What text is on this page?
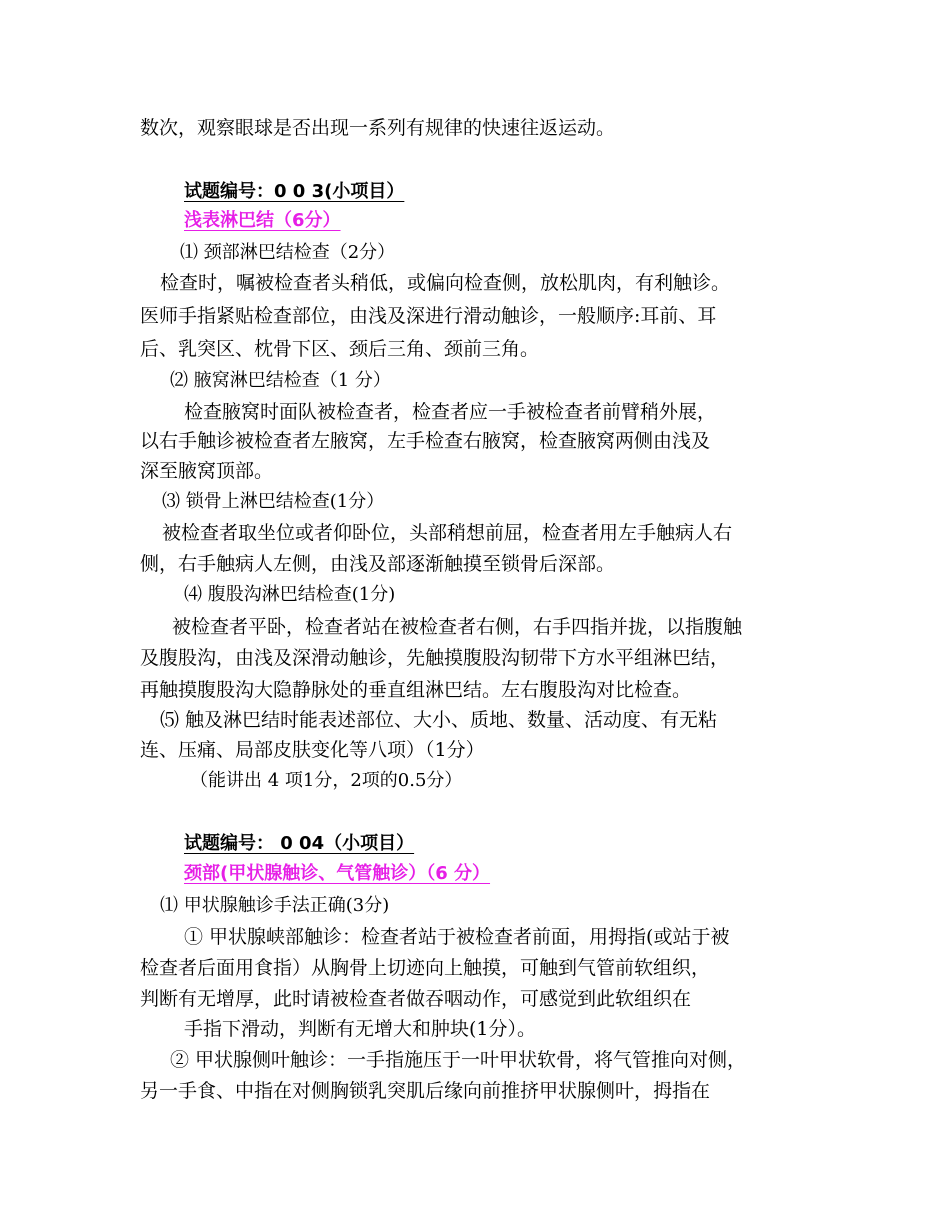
数次，观察眼球是否出现一系列有规律的快速往返运动。
试题编号：0 0 3(小项目）
浅表淋巴结（6分）
⑴ 颈部淋巴结检查（2分）
检查时，嘱被检查者头稍低，或偏向检查侧，放松肌肉，有利触诊。
医师手指紧贴检查部位，由浅及深进行滑动触诊，一般顺序:耳前、耳
后、乳突区、枕骨下区、颈后三角、颈前三角。
⑵ 腋窝淋巴结检查（1 分）
检查腋窝时面队被检查者，检查者应一手被检查者前臂稍外展，
以右手触诊被检查者左腋窝，左手检查右腋窝，检查腋窝两侧由浅及
深至腋窝顶部。
⑶ 锁骨上淋巴结检查(1分）
被检查者取坐位或者仰卧位，头部稍想前屈，检查者用左手触病人右
侧，右手触病人左侧，由浅及部逐渐触摸至锁骨后深部。
⑷ 腹股沟淋巴结检查(1分)
被检查者平卧，检查者站在被检查者右侧，右手四指并拢，以指腹触
及腹股沟，由浅及深滑动触诊，先触摸腹股沟韧带下方水平组淋巴结，
再触摸腹股沟大隐静脉处的垂直组淋巴结。左右腹股沟对比检查。
⑸ 触及淋巴结时能表述部位、大小、质地、数量、活动度、有无粘
连、压痛、局部皮肤变化等八项）（1分）
（能讲出 4 项1分，2项的0.5分）
试题编号： 0 04（小项目）
颈部(甲状腺触诊、气管触诊）（6 分）
⑴ 甲状腺触诊手法正确(3分)
① 甲状腺峡部触诊：检查者站于被检查者前面，用拇指(或站于被
检查者后面用食指）从胸骨上切迹向上触摸，可触到气管前软组织，
判断有无增厚，此时请被检查者做吞咽动作，可感觉到此软组织在
手指下滑动，判断有无增大和肿块(1分）。
② 甲状腺侧叶触诊：一手指施压于一叶甲状软骨，将气管推向对侧，
另一手食、中指在对侧胸锁乳突肌后缘向前推挤甲状腺侧叶，拇指在
